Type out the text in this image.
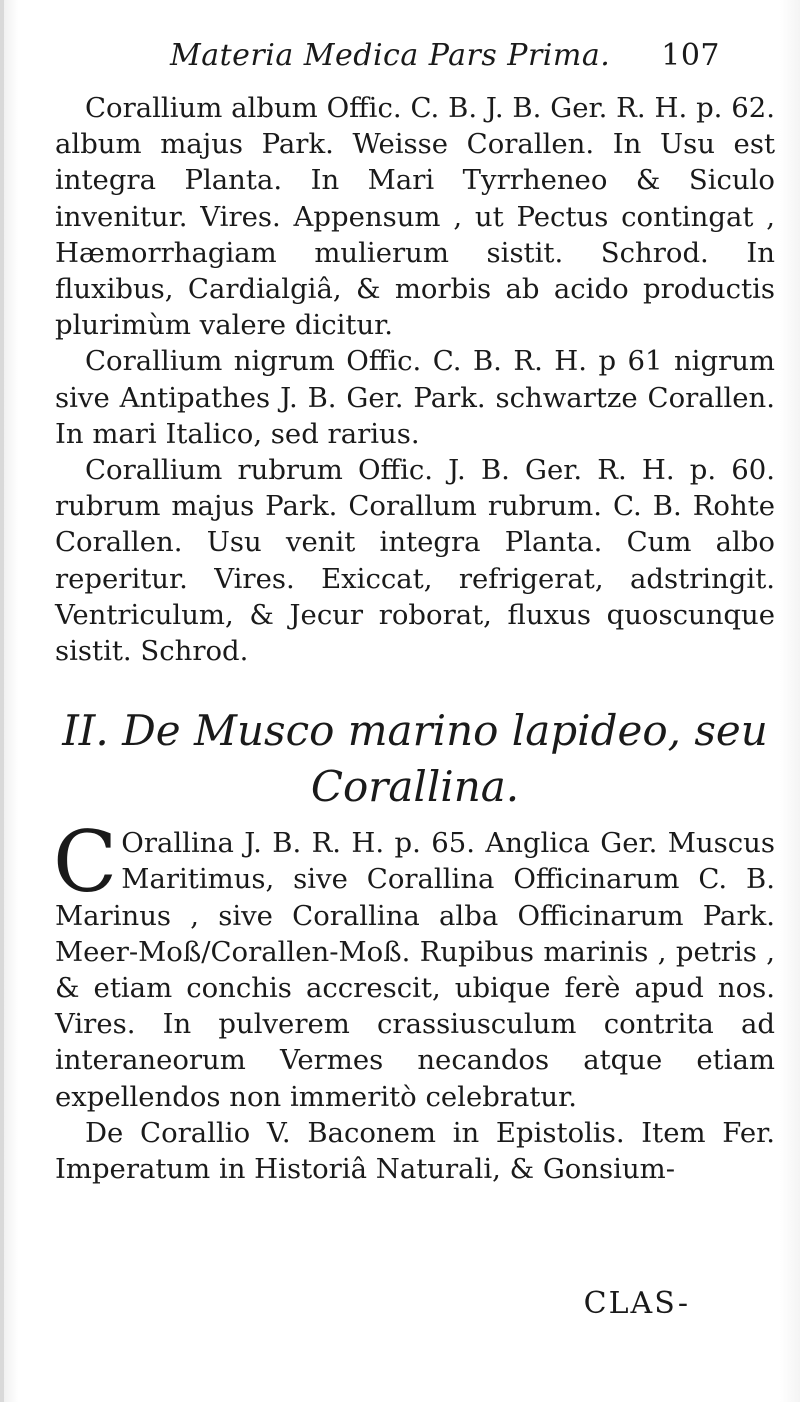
Materia Medica Pars Prima. 107

Corallium album Offic. C. B. J. B. Ger. R. H. p. 62. album majus Park. Weisse Corallen. In Usu est integra Planta. In Mari Tyrrheneo & Siculo invenitur. Vires. Appensum , ut Pectus contingat , Hæmorrhagiam mulierum sistit. Schrod. In fluxibus, Cardialgiâ, & morbis ab acido productis plurimùm valere dicitur.

Corallium nigrum Offic. C. B. R. H. p 61 nigrum sive Antipathes J. B. Ger. Park. schwartze Corallen. In mari Italico, sed rarius.

Corallium rubrum Offic. J. B. Ger. R. H. p. 60. rubrum majus Park. Corallum rubrum. C. B. Rohte Corallen. Usu venit integra Planta. Cum albo reperitur. Vires. Exiccat, refrigerat, adstringit. Ventriculum, & Jecur roborat, fluxus quoscunque sistit. Schrod.

II. De Musco marino lapideo, seu
Corallina.

C Orallina J. B. R. H. p. 65. Anglica Ger. Muscus Maritimus, sive Corallina Officinarum C. B. Marinus , sive Corallina alba Officinarum Park. Meer-Moß/Corallen-Moß. Rupibus marinis , petris , & etiam conchis accrescit, ubique ferè apud nos. Vires. In pulverem crassiusculum contrita ad interaneorum Vermes necandos atque etiam expellendos non immeritò celebratur.

De Corallio V. Baconem in Epistolis. Item Fer. Imperatum in Historiâ Naturali, & Gonsium-

CLAS-
